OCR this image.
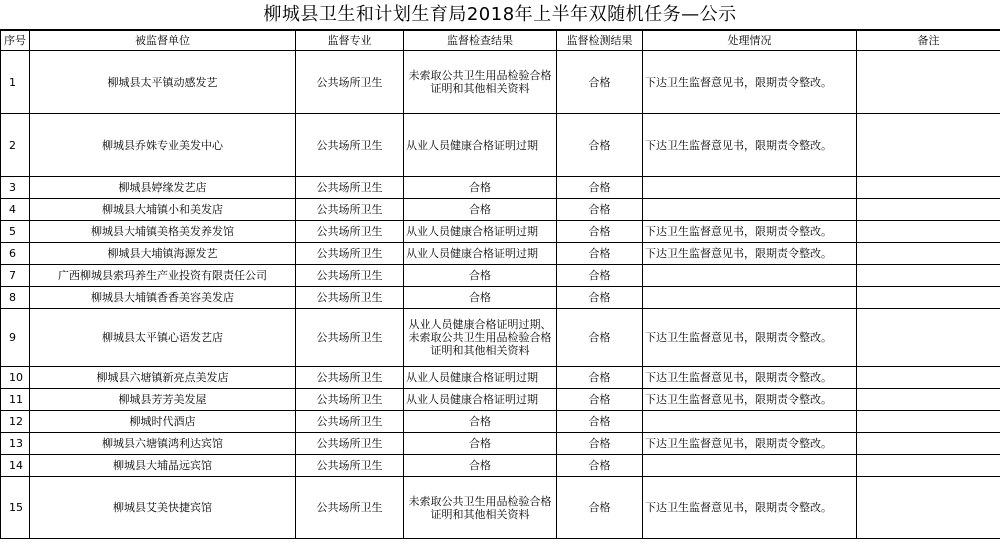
柳城县卫生和计划生育局2018年上半年双随机任务—公示
序号	被监督单位	监督专业	监督检查结果	监督检测结果	处理情况	备注
1	柳城县太平镇动感发艺	公共场所卫生	未索取公共卫生用品检验合格证明和其他相关资料	合格	下达卫生监督意见书，限期责令整改。	
2	柳城县乔姝专业美发中心	公共场所卫生	从业人员健康合格证明过期	合格	下达卫生监督意见书，限期责令整改。	
3	柳城县婷缘发艺店	公共场所卫生	合格	合格		
4	柳城县大埔镇小和美发店	公共场所卫生	合格	合格		
5	柳城县大埔镇美格美发养发馆	公共场所卫生	从业人员健康合格证明过期	合格	下达卫生监督意见书，限期责令整改。	
6	柳城县大埔镇海源发艺	公共场所卫生	从业人员健康合格证明过期	合格	下达卫生监督意见书，限期责令整改。	
7	广西柳城县索玛养生产业投资有限责任公司	公共场所卫生	合格	合格		
8	柳城县大埔镇香香美容美发店	公共场所卫生	合格	合格		
9	柳城县太平镇心语发艺店	公共场所卫生	从业人员健康合格证明过期、未索取公共卫生用品检验合格证明和其他相关资料	合格	下达卫生监督意见书，限期责令整改。	
10	柳城县六塘镇新亮点美发店	公共场所卫生	从业人员健康合格证明过期	合格	下达卫生监督意见书，限期责令整改。	
11	柳城县芳芳美发屋	公共场所卫生	从业人员健康合格证明过期	合格	下达卫生监督意见书，限期责令整改。	
12	柳城时代酒店	公共场所卫生	合格	合格		
13	柳城县六塘镇鸿利达宾馆	公共场所卫生	合格	合格	下达卫生监督意见书，限期责令整改。	
14	柳城县大埔晶远宾馆	公共场所卫生	合格	合格		
15	柳城县艾美快捷宾馆	公共场所卫生	未索取公共卫生用品检验合格证明和其他相关资料	合格	下达卫生监督意见书，限期责令整改。	
